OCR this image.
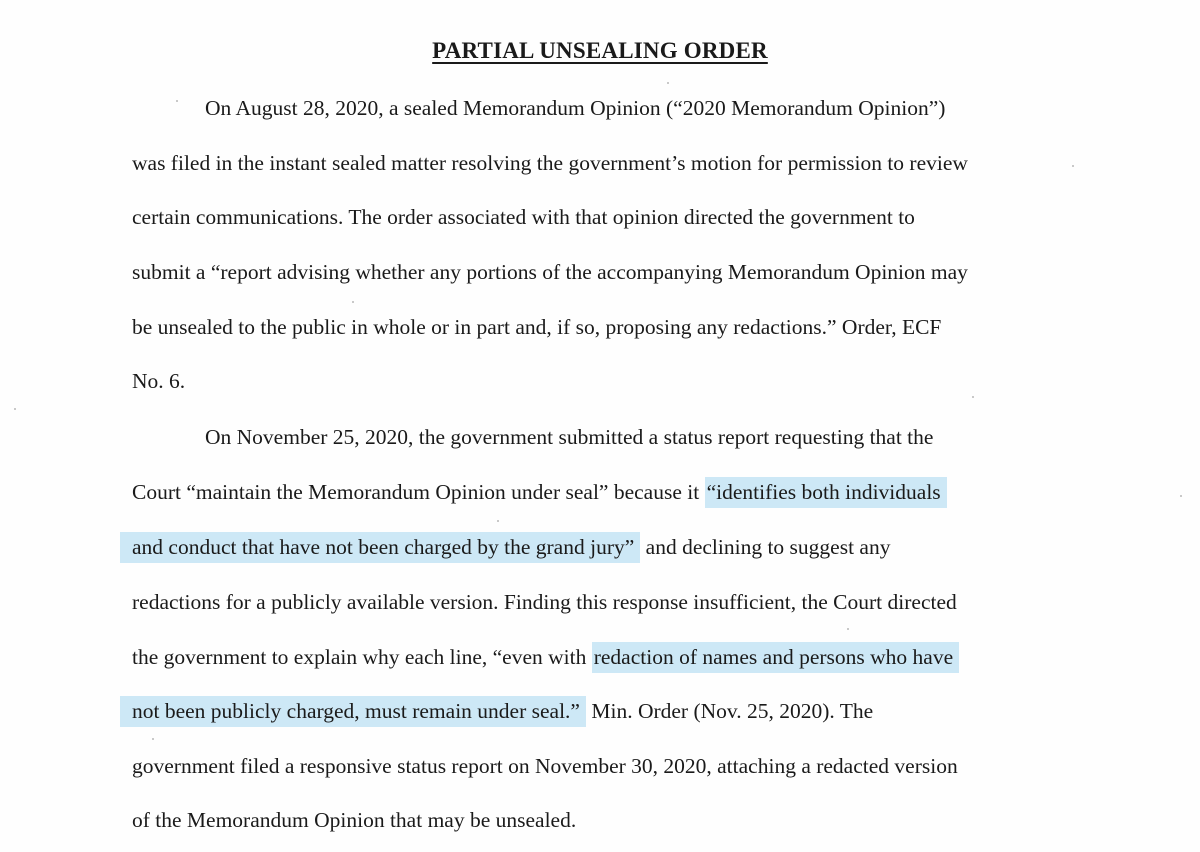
PARTIAL UNSEALING ORDER
On August 28, 2020, a sealed Memorandum Opinion (“2020 Memorandum Opinion”)
was filed in the instant sealed matter resolving the government’s motion for permission to review
certain communications. The order associated with that opinion directed the government to
submit a “report advising whether any portions of the accompanying Memorandum Opinion may
be unsealed to the public in whole or in part and, if so, proposing any redactions.” Order, ECF
No. 6.
On November 25, 2020, the government submitted a status report requesting that the
Court “maintain the Memorandum Opinion under seal” because it “identifies both individuals
and conduct that have not been charged by the grand jury” and declining to suggest any
redactions for a publicly available version. Finding this response insufficient, the Court directed
the government to explain why each line, “even with redaction of names and persons who have
not been publicly charged, must remain under seal.” Min. Order (Nov. 25, 2020). The
government filed a responsive status report on November 30, 2020, attaching a redacted version
of the Memorandum Opinion that may be unsealed.
